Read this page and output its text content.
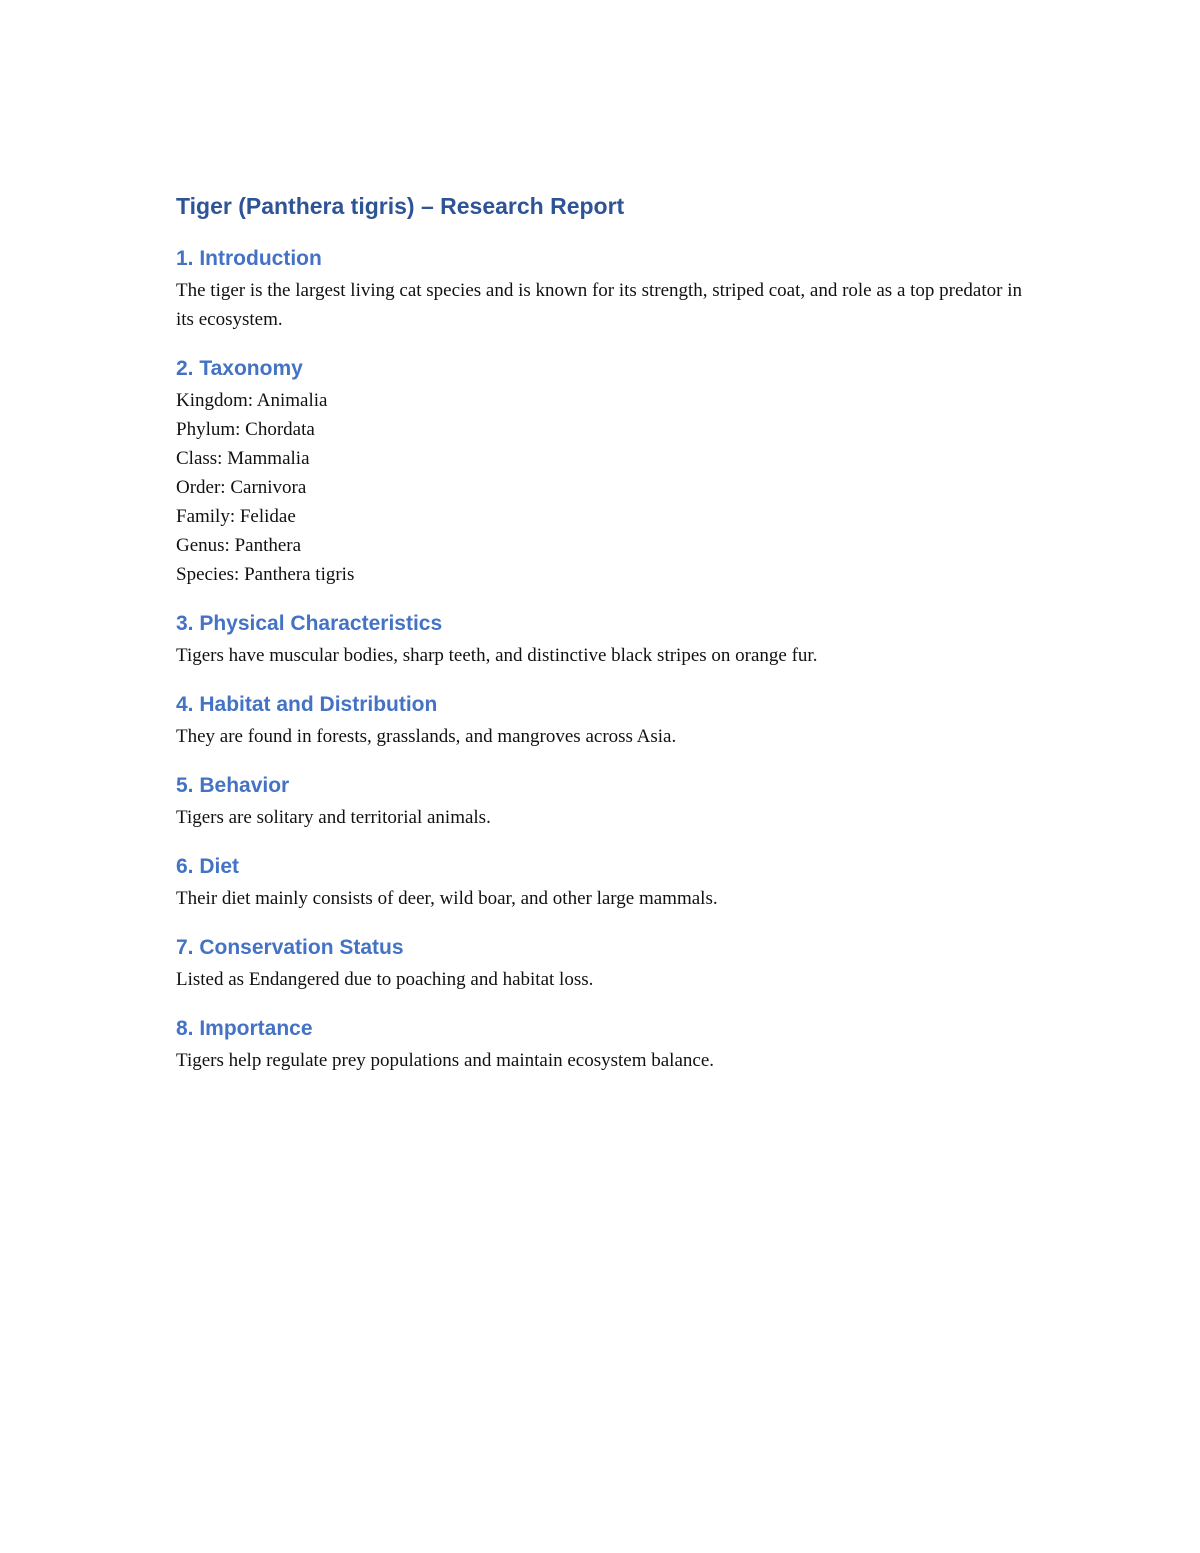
Tiger (Panthera tigris) – Research Report
1. Introduction

The tiger is the largest living cat species and is known for its strength, striped coat, and role as a top predator in its ecosystem.

2. Taxonomy
Kingdom: Animalia
Phylum: Chordata
Class: Mammalia
Order: Carnivora
Family: Felidae
Genus: Panthera
Species: Panthera tigris
3. Physical Characteristics

Tigers have muscular bodies, sharp teeth, and distinctive black stripes on orange fur.

4. Habitat and Distribution

They are found in forests, grasslands, and mangroves across Asia.

5. Behavior

Tigers are solitary and territorial animals.

6. Diet

Their diet mainly consists of deer, wild boar, and other large mammals.

7. Conservation Status

Listed as Endangered due to poaching and habitat loss.

8. Importance

Tigers help regulate prey populations and maintain ecosystem balance.
